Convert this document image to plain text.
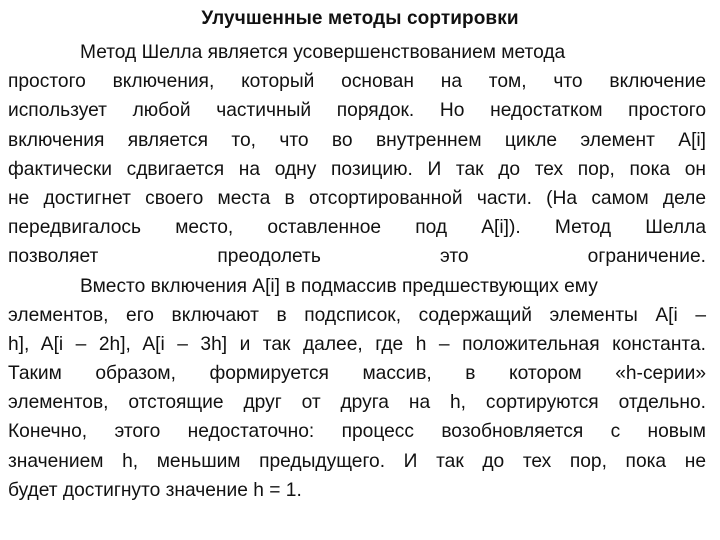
Улучшенные методы сортировки
Метод Шелла является усовершенствованием метода
простого включения, который основан на том, что включение
использует любой частичный порядок. Но недостатком простого
включения является то, что во внутреннем цикле элемент A[i]
фактически сдвигается на одну позицию. И так до тех пор, пока он
не достигнет своего места в отсортированной части. (На самом деле
передвигалось место, оставленное под A[i]). Метод Шелла
позволяет преодолеть это ограничение.
Вместо включения A[i] в подмассив предшествующих ему
элементов, его включают в подсписок, содержащий элементы A[i –
h], A[i – 2h], A[i – 3h] и так далее, где h – положительная константа.
Таким образом, формируется массив, в котором «h-серии»
элементов, отстоящие друг от друга на h, сортируются отдельно.
Конечно, этого недостаточно: процесс возобновляется с новым
значением h, меньшим предыдущего. И так до тех пор, пока не
будет достигнуто значение h = 1.
